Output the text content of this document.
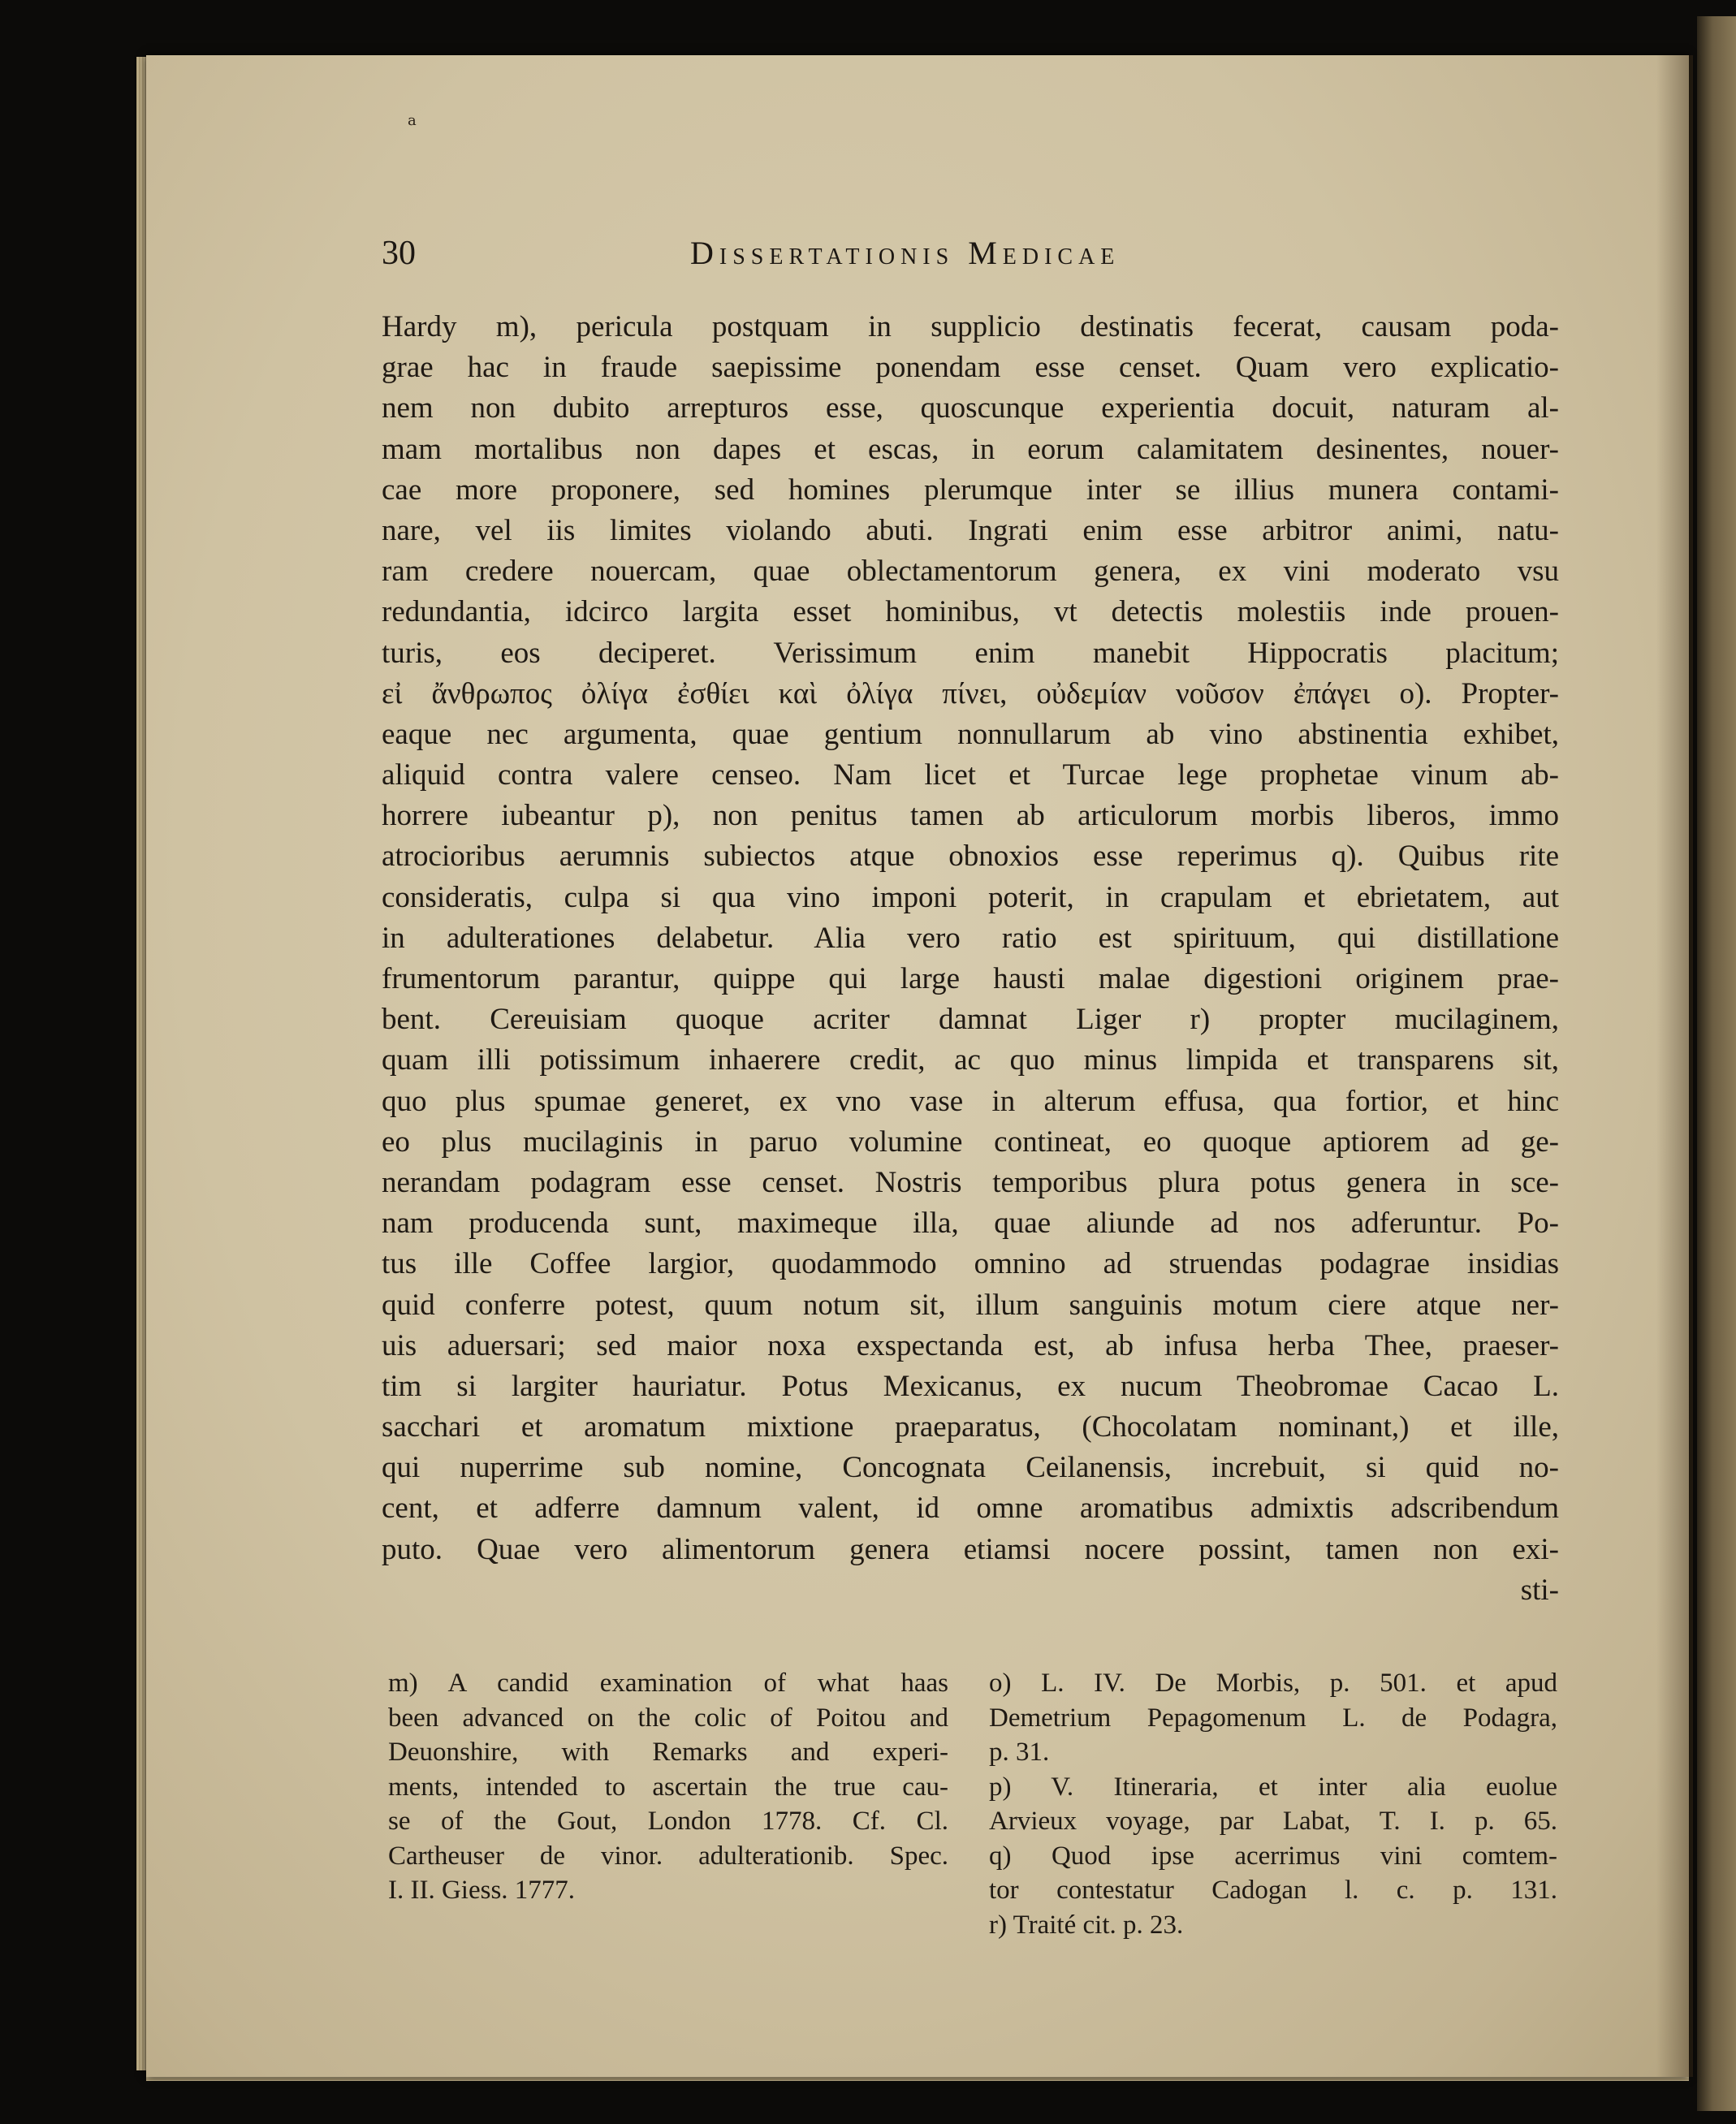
a
30	Dissertationis Medicae
Hardy m), pericula postquam in supplicio destinatis fecerat, causam poda-
grae hac in fraude saepissime ponendam esse censet. Quam vero explicatio-
nem non dubito arrepturos esse, quoscunque experientia docuit, naturam al-
mam mortalibus non dapes et escas, in eorum calamitatem desinentes, nouer-
cae more proponere, sed homines plerumque inter se illius munera contami-
nare, vel iis limites violando abuti. Ingrati enim esse arbitror animi, natu-
ram credere nouercam, quae oblectamentorum genera, ex vini moderato vsu
redundantia, idcirco largita esset hominibus, vt detectis molestiis inde prouen-
turis, eos deciperet. Verissimum enim manebit Hippocratis placitum;
εἰ ἄνθρωπος ὀλίγα ἐσθίει καὶ ὀλίγα πίνει, οὐδεμίαν νοῦσον ἐπάγει o). Propter-
eaque nec argumenta, quae gentium nonnullarum ab vino abstinentia exhibet,
aliquid contra valere censeo. Nam licet et Turcae lege prophetae vinum ab-
horrere iubeantur p), non penitus tamen ab articulorum morbis liberos, immo
atrocioribus aerumnis subiectos atque obnoxios esse reperimus q). Quibus rite
consideratis, culpa si qua vino imponi poterit, in crapulam et ebrietatem, aut
in adulterationes delabetur. Alia vero ratio est spirituum, qui distillatione
frumentorum parantur, quippe qui large hausti malae digestioni originem prae-
bent. Cereuisiam quoque acriter damnat Liger r) propter mucilaginem,
quam illi potissimum inhaerere credit, ac quo minus limpida et transparens sit,
quo plus spumae generet, ex vno vase in alterum effusa, qua fortior, et hinc
eo plus mucilaginis in paruo volumine contineat, eo quoque aptiorem ad ge-
nerandam podagram esse censet. Nostris temporibus plura potus genera in sce-
nam producenda sunt, maximeque illa, quae aliunde ad nos adferuntur. Po-
tus ille Coffee largior, quodammodo omnino ad struendas podagrae insidias
quid conferre potest, quum notum sit, illum sanguinis motum ciere atque ner-
uis aduersari; sed maior noxa exspectanda est, ab infusa herba Thee, praeser-
tim si largiter hauriatur. Potus Mexicanus, ex nucum Theobromae Cacao L.
sacchari et aromatum mixtione praeparatus, (Chocolatam nominant,) et ille,
qui nuperrime sub nomine, Concognata Ceilanensis, increbuit, si quid no-
cent, et adferre damnum valent, id omne aromatibus admixtis adscribendum
puto. Quae vero alimentorum genera etiamsi nocere possint, tamen non exi-
sti-
m) A candid examination of what haas
been advanced on the colic of Poitou and
Deuonshire, with Remarks and experi-
ments, intended to ascertain the true cau-
se of the Gout, London 1778. Cf. Cl.
Cartheuser de vinor. adulterationib. Spec.
I. II. Giess. 1777.
o) L. IV. De Morbis, p. 501. et apud
Demetrium Pepagomenum L. de Podagra,
p. 31.
p) V. Itineraria, et inter alia euolue
Arvieux voyage, par Labat, T. I. p. 65.
q) Quod ipse acerrimus vini comtem-
tor contestatur Cadogan l. c. p. 131.
r) Traité cit. p. 23.
